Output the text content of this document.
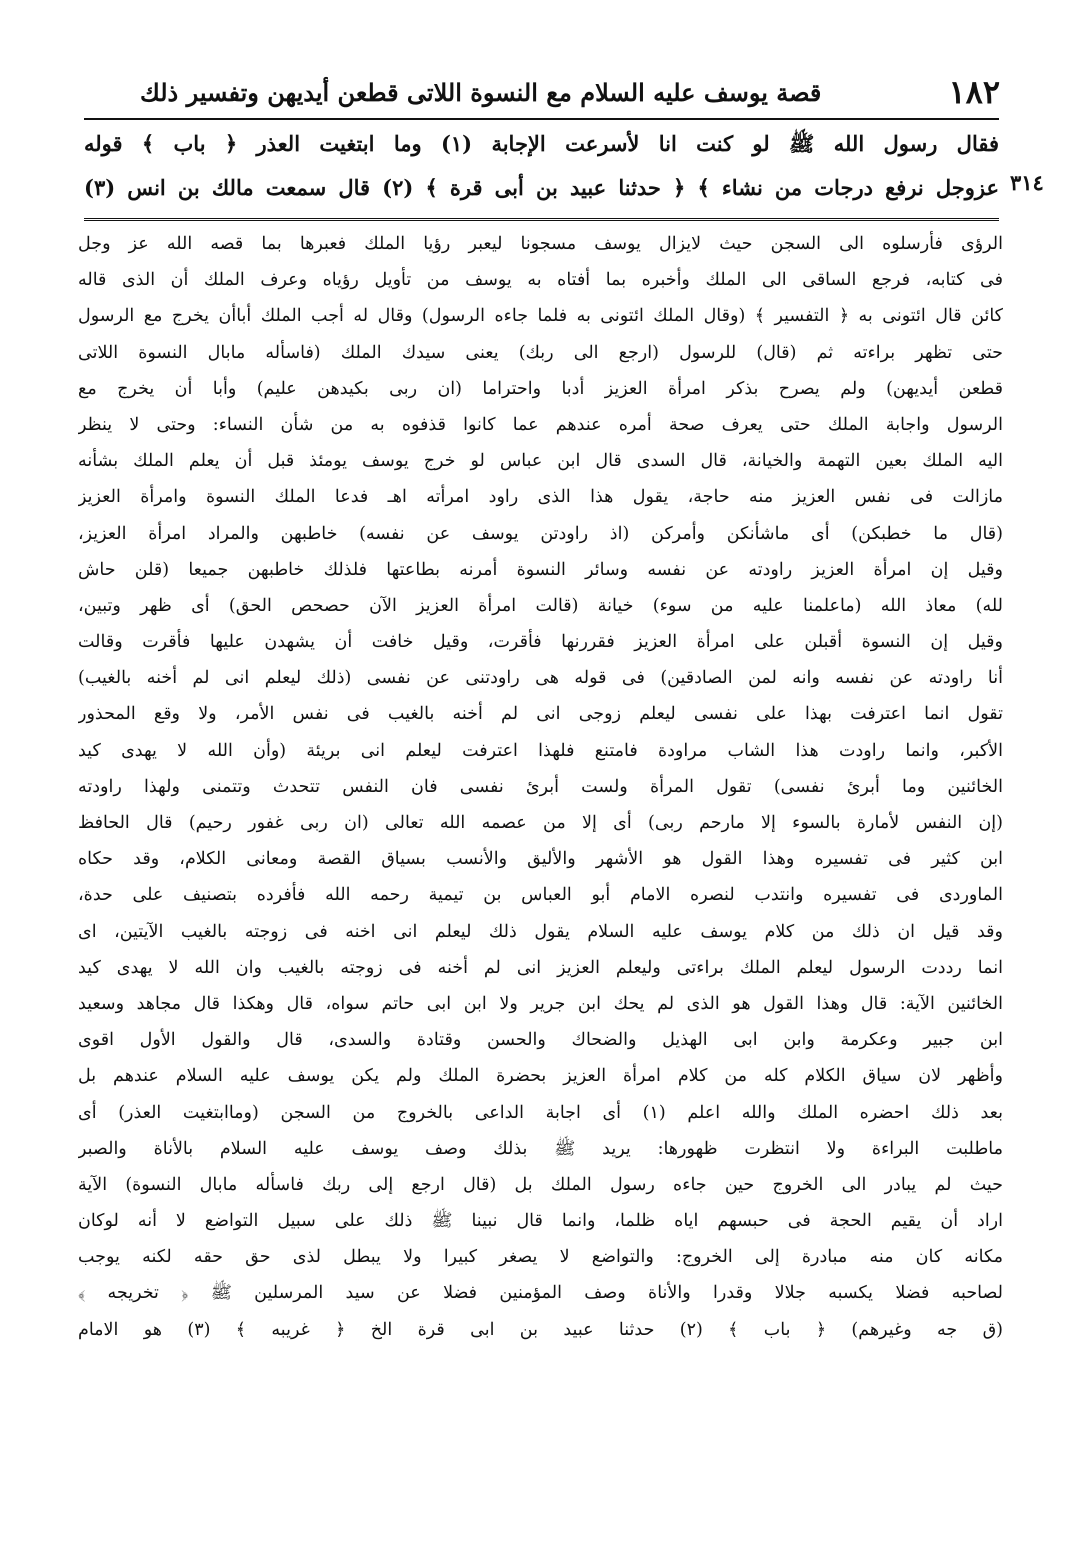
١٨٢
قصة يوسف عليه السلام مع النسوة اللاتى قطعن أيديهن وتفسير ذلك
فقال رسول الله ﷺ لو كنت انا لأسرعت الإجابة (١) وما ابتغيت العذر ﴿ باب ﴾ قوله
عزوجل نرفع درجات من نشاء ﴾ ﴿ حدثنا عبيد بن أبى قرة ﴾ (٢) قال سمعت مالك بن انس (٣) ٣١٤
الرؤى فأرسلوه الى السجن حيث لايزال يوسف مسجونا ليعبر رؤيا الملك فعبرها بما قصه الله عز وجل
فى كتابه، فرجع الساقى الى الملك وأخبره بما أفتاه به يوسف من تأويل رؤياه وعرف الملك أن الذى قاله
كائن قال ائتونى به ﴿ التفسير ﴾ (وقال الملك ائتونى به فلما جاءه الرسول) وقال له أجب الملك أباأن يخرج مع الرسول
حتى تظهر براءته ثم (قال) للرسول (ارجع الى ربك) يعنى سيدك الملك (فاسأله مابال النسوة اللاتى
قطعن أيديهن) ولم يصرح بذكر امرأة العزيز أدبا واحتراما (ان ربى بكيدهن عليم) وأبا أن يخرج مع
الرسول واجابة الملك حتى يعرف صحة أمره عندهم عما كانوا قذفوه به من شأن النساء: وحتى لا ينظر
اليه الملك بعين التهمة والخيانة، قال السدى قال ابن عباس لو خرج يوسف يومئذ قبل أن يعلم الملك بشأنه
مازالت فى نفس العزيز منه حاجة، يقول هذا الذى راود امرأته اهـ فدعا الملك النسوة وامرأة العزيز
(قال ما خطبكن) أى ماشأنكن وأمركن (اذ راودتن يوسف عن نفسه) خاطبهن والمراد امرأة العزيز،
وقيل إن امرأة العزيز راودته عن نفسه وسائر النسوة أمرنه بطاعتها فلذلك خاطبهن جميعا (قلن حاش
لله) معاذ الله (ماعلمنا عليه من سوء) خيانة (قالت امرأة العزيز الآن حصحص الحق) أى ظهر وتبين،
وقيل إن النسوة أقبلن على امرأة العزيز فقررنها فأقرت، وقيل خافت أن يشهدن عليها فأقرت وقالت
أنا راودته عن نفسه وانه لمن الصادقين) فى قوله هى راودتنى عن نفسى (ذلك ليعلم انى لم أخنه بالغيب)
تقول انما اعترفت بهذا على نفسى ليعلم زوجى انى لم أخنه بالغيب فى نفس الأمر، ولا وقع المحذور
الأكبر، وانما راودت هذا الشاب مراودة فامتنع فلهذا اعترفت ليعلم انى بريئة (وأن الله لا يهدى كيد
الخائنين وما أبرئ نفسى) تقول المرأة ولست أبرئ نفسى فان النفس تتحدث وتتمنى ولهذا راودته
(إن النفس لأمارة بالسوء إلا مارحم ربى) أى إلا من عصمه الله تعالى (ان ربى غفور رحيم) قال الحافظ
ابن كثير فى تفسيره وهذا القول هو الأشهر والأليق والأنسب بسياق القصة ومعانى الكلام، وقد حكاه
الماوردى فى تفسيره وانتدب لنصره الامام أبو العباس بن تيمية رحمه الله فأفرده بتصنيف على حدة،
وقد قيل ان ذلك من كلام يوسف عليه السلام يقول ذلك ليعلم انى اخنه فى زوجته بالغيب الآيتين، اى
انما رددت الرسول ليعلم الملك براءتى وليعلم العزيز انى لم أخنه فى زوجته بالغيب وان الله لا يهدى كيد
الخائنين الآية: قال وهذا القول هو الذى لم يحك ابن جرير ولا ابن ابى حاتم سواه، قال وهكذا قال مجاهد وسعيد
ابن جبير وعكرمة وابن ابى الهذيل والضحاك والحسن وقتادة والسدى، قال والقول الأول اقوى
وأظهر لان سياق الكلام كله من كلام امرأة العزيز بحضرة الملك ولم يكن يوسف عليه السلام عندهم بل
بعد ذلك احضره الملك والله اعلم (١) أى اجابة الداعى بالخروج من السجن (وماابتغيت العذر) أى
ماطلبت البراءة ولا انتظرت ظهورها: يريد ﷺ بذلك وصف يوسف عليه السلام بالأناة والصبر
حيث لم يبادر الى الخروج حين جاءه رسول الملك بل (قال ارجع إلى ربك فاسأله مابال النسوة) الآية
اراد أن يقيم الحجة فى حبسهم اياه ظلما، وانما قال نبينا ﷺ ذلك على سبيل التواضع لا أنه لوكان
مكانه كان منه مبادرة إلى الخروج: والتواضع لا يصغر كبيرا ولا يبطل لذى حق حقه لكنه يوجب
لصاحبه فضلا يكسبه جلالا وقدرا والأناة وصف المؤمنين فضلا عن سيد المرسلين ﷺ ﴿ تخريجه ﴾
(ق جه وغيرهم) ﴿ باب ﴾ (٢) حدثنا عبيد بن ابى قرة الخ ﴿ غريبه ﴾ (٣) هو الامام
